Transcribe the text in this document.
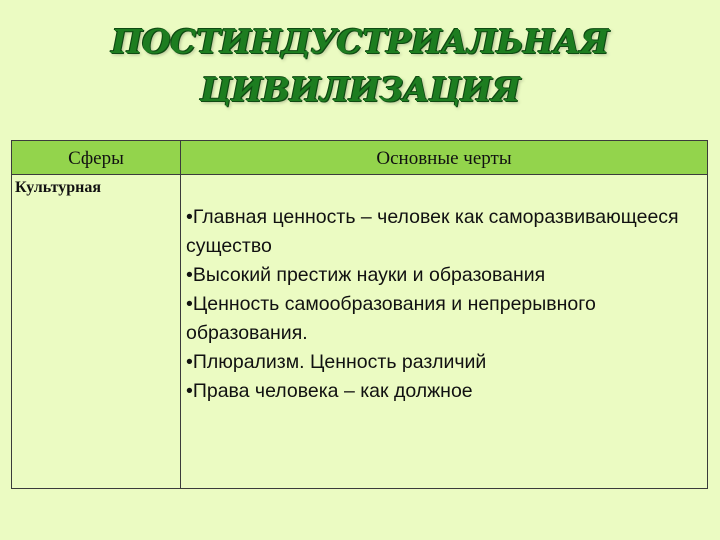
ПОСТИНДУСТРИАЛЬНАЯ
ЦИВИЛИЗАЦИЯ
Сферы	Основные черты
Культурная
• Главная ценность – человек как саморазвивающееся существо
• Высокий престиж науки и образования
• Ценность самообразования и непрерывного образования.
• Плюрализм. Ценность различий
• Права человека – как должное
